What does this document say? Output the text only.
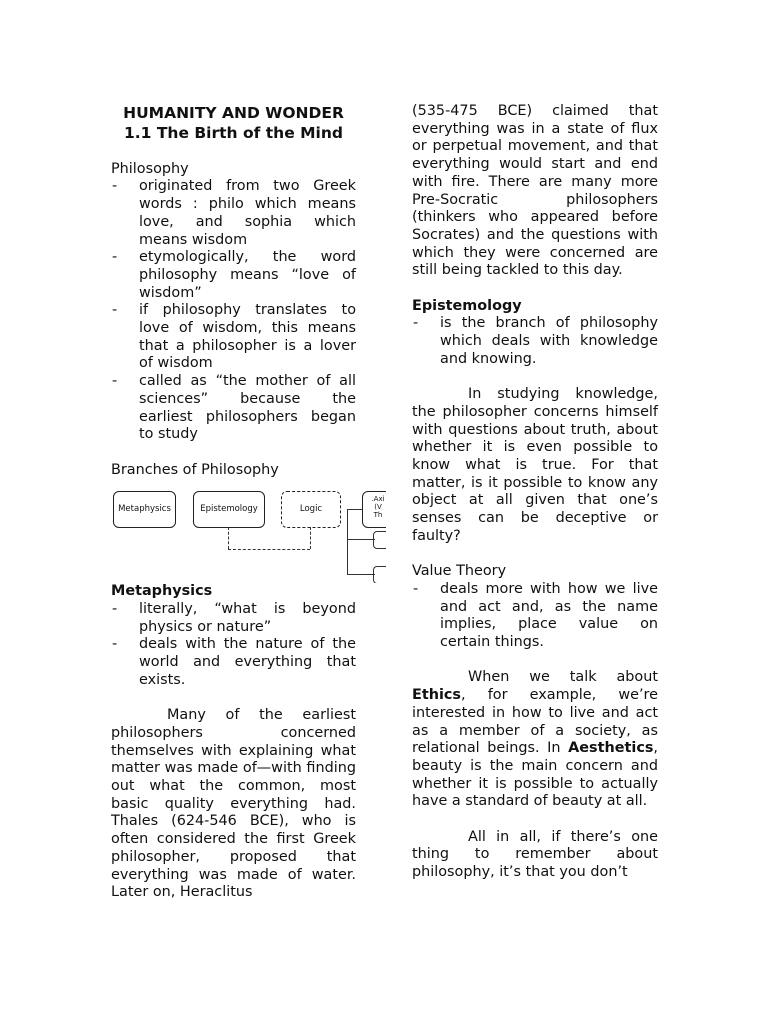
HUMANITY AND WONDER
1.1 The Birth of the Mind

Philosophy

- originated from two Greek words : philo which means love, and sophia which means wisdom
- etymologically, the word philosophy means “love of wisdom”
- if philosophy translates to love of wisdom, this means that a philosopher is a lover of wisdom
- called as “the mother of all sciences” because the earliest philosophers began to study

Branches of Philosophy

Metaphysics	Epistemology	Logic
.Axi
(V
Th

Metaphysics

- literally, “what is beyond physics or nature”
- deals with the nature of the world and everything that exists.

Many of the earliest philosophers concerned themselves with explaining what matter was made of—with finding out what the common, most basic quality everything had. Thales (624-546 BCE), who is often considered the first Greek philosopher, proposed that everything was made of water. Later on, Heraclitus

(535-475 BCE) claimed that everything was in a state of flux or perpetual movement, and that everything would start and end with fire. There are many more Pre-Socratic philosophers (thinkers who appeared before Socrates) and the questions with which they were concerned are still being tackled to this day.

Epistemology

- is the branch of philosophy which deals with knowledge and knowing.

In studying knowledge, the philosopher concerns himself with questions about truth, about whether it is even possible to know what is true. For that matter, is it possible to know any object at all given that one’s senses can be deceptive or faulty?

Value Theory

- deals more with how we live and act and, as the name implies, place value on certain things.

When we talk about Ethics, for example, we’re interested in how to live and act as a member of a society, as relational beings. In Aesthetics, beauty is the main concern and whether it is possible to actually have a standard of beauty at all.

All in all, if there’s one thing to remember about philosophy, it’s that you don’t
